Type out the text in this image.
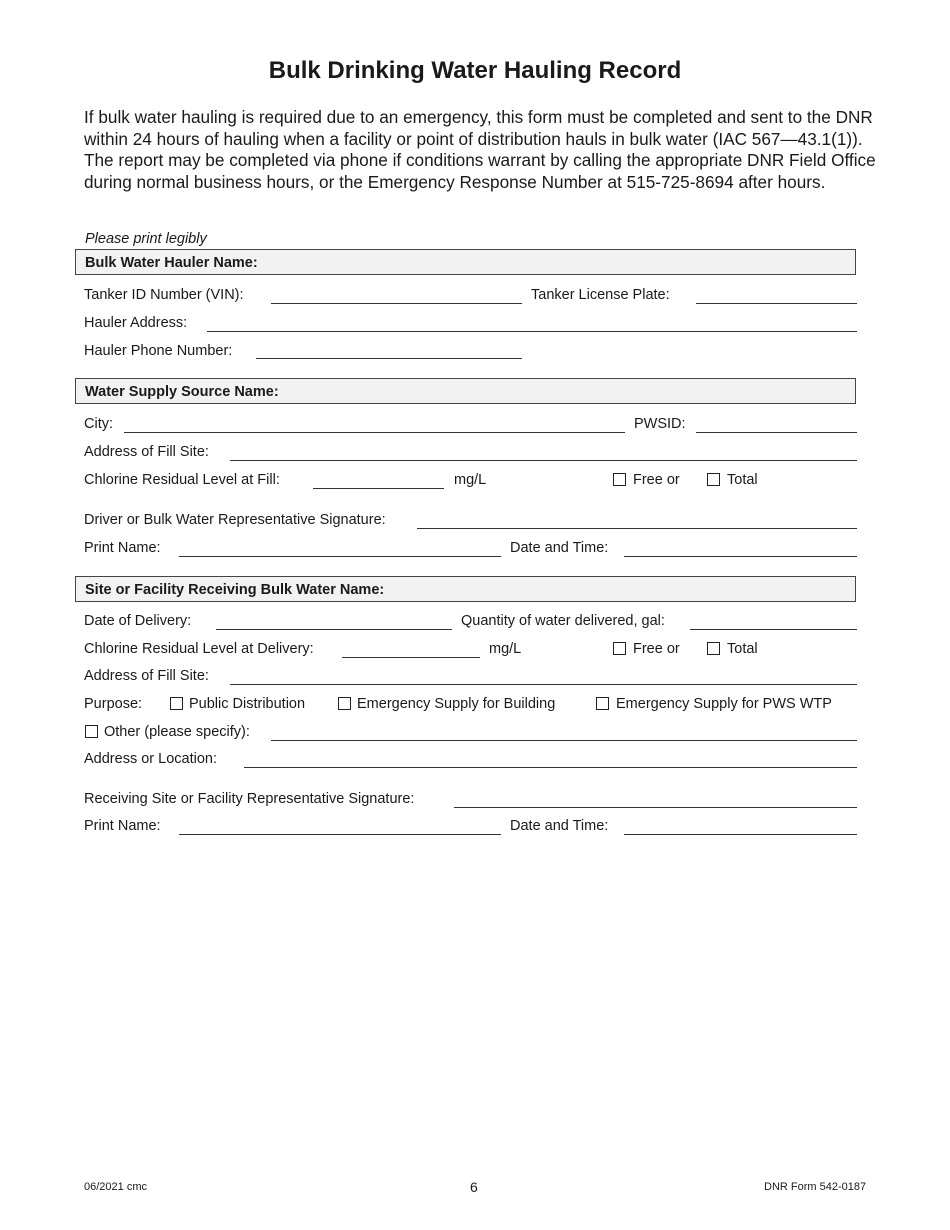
Bulk Drinking Water Hauling Record
If bulk water hauling is required due to an emergency, this form must be completed and sent to the DNR within 24 hours of hauling when a facility or point of distribution hauls in bulk water (IAC 567—43.1(1)). The report may be completed via phone if conditions warrant by calling the appropriate DNR Field Office during normal business hours, or the Emergency Response Number at 515-725-8694 after hours.
Please print legibly
Bulk Water Hauler Name:
Tanker ID Number (VIN):	Tanker License Plate:
Hauler Address:
Hauler Phone Number:
Water Supply Source Name:
City:	PWSID:
Address of Fill Site:
Chlorine Residual Level at Fill:	mg/L	Free or	Total
Driver or Bulk Water Representative Signature:
Print Name:	Date and Time:
Site or Facility Receiving Bulk Water Name:
Date of Delivery:	Quantity of water delivered, gal:
Chlorine Residual Level at Delivery:	mg/L	Free or	Total
Address of Fill Site:
Purpose:	Public Distribution	Emergency Supply for Building	Emergency Supply for PWS WTP
Other (please specify):
Address or Location:
Receiving Site or Facility Representative Signature:
Print Name:	Date and Time:
06/2021 cmc	6	DNR Form 542-0187
